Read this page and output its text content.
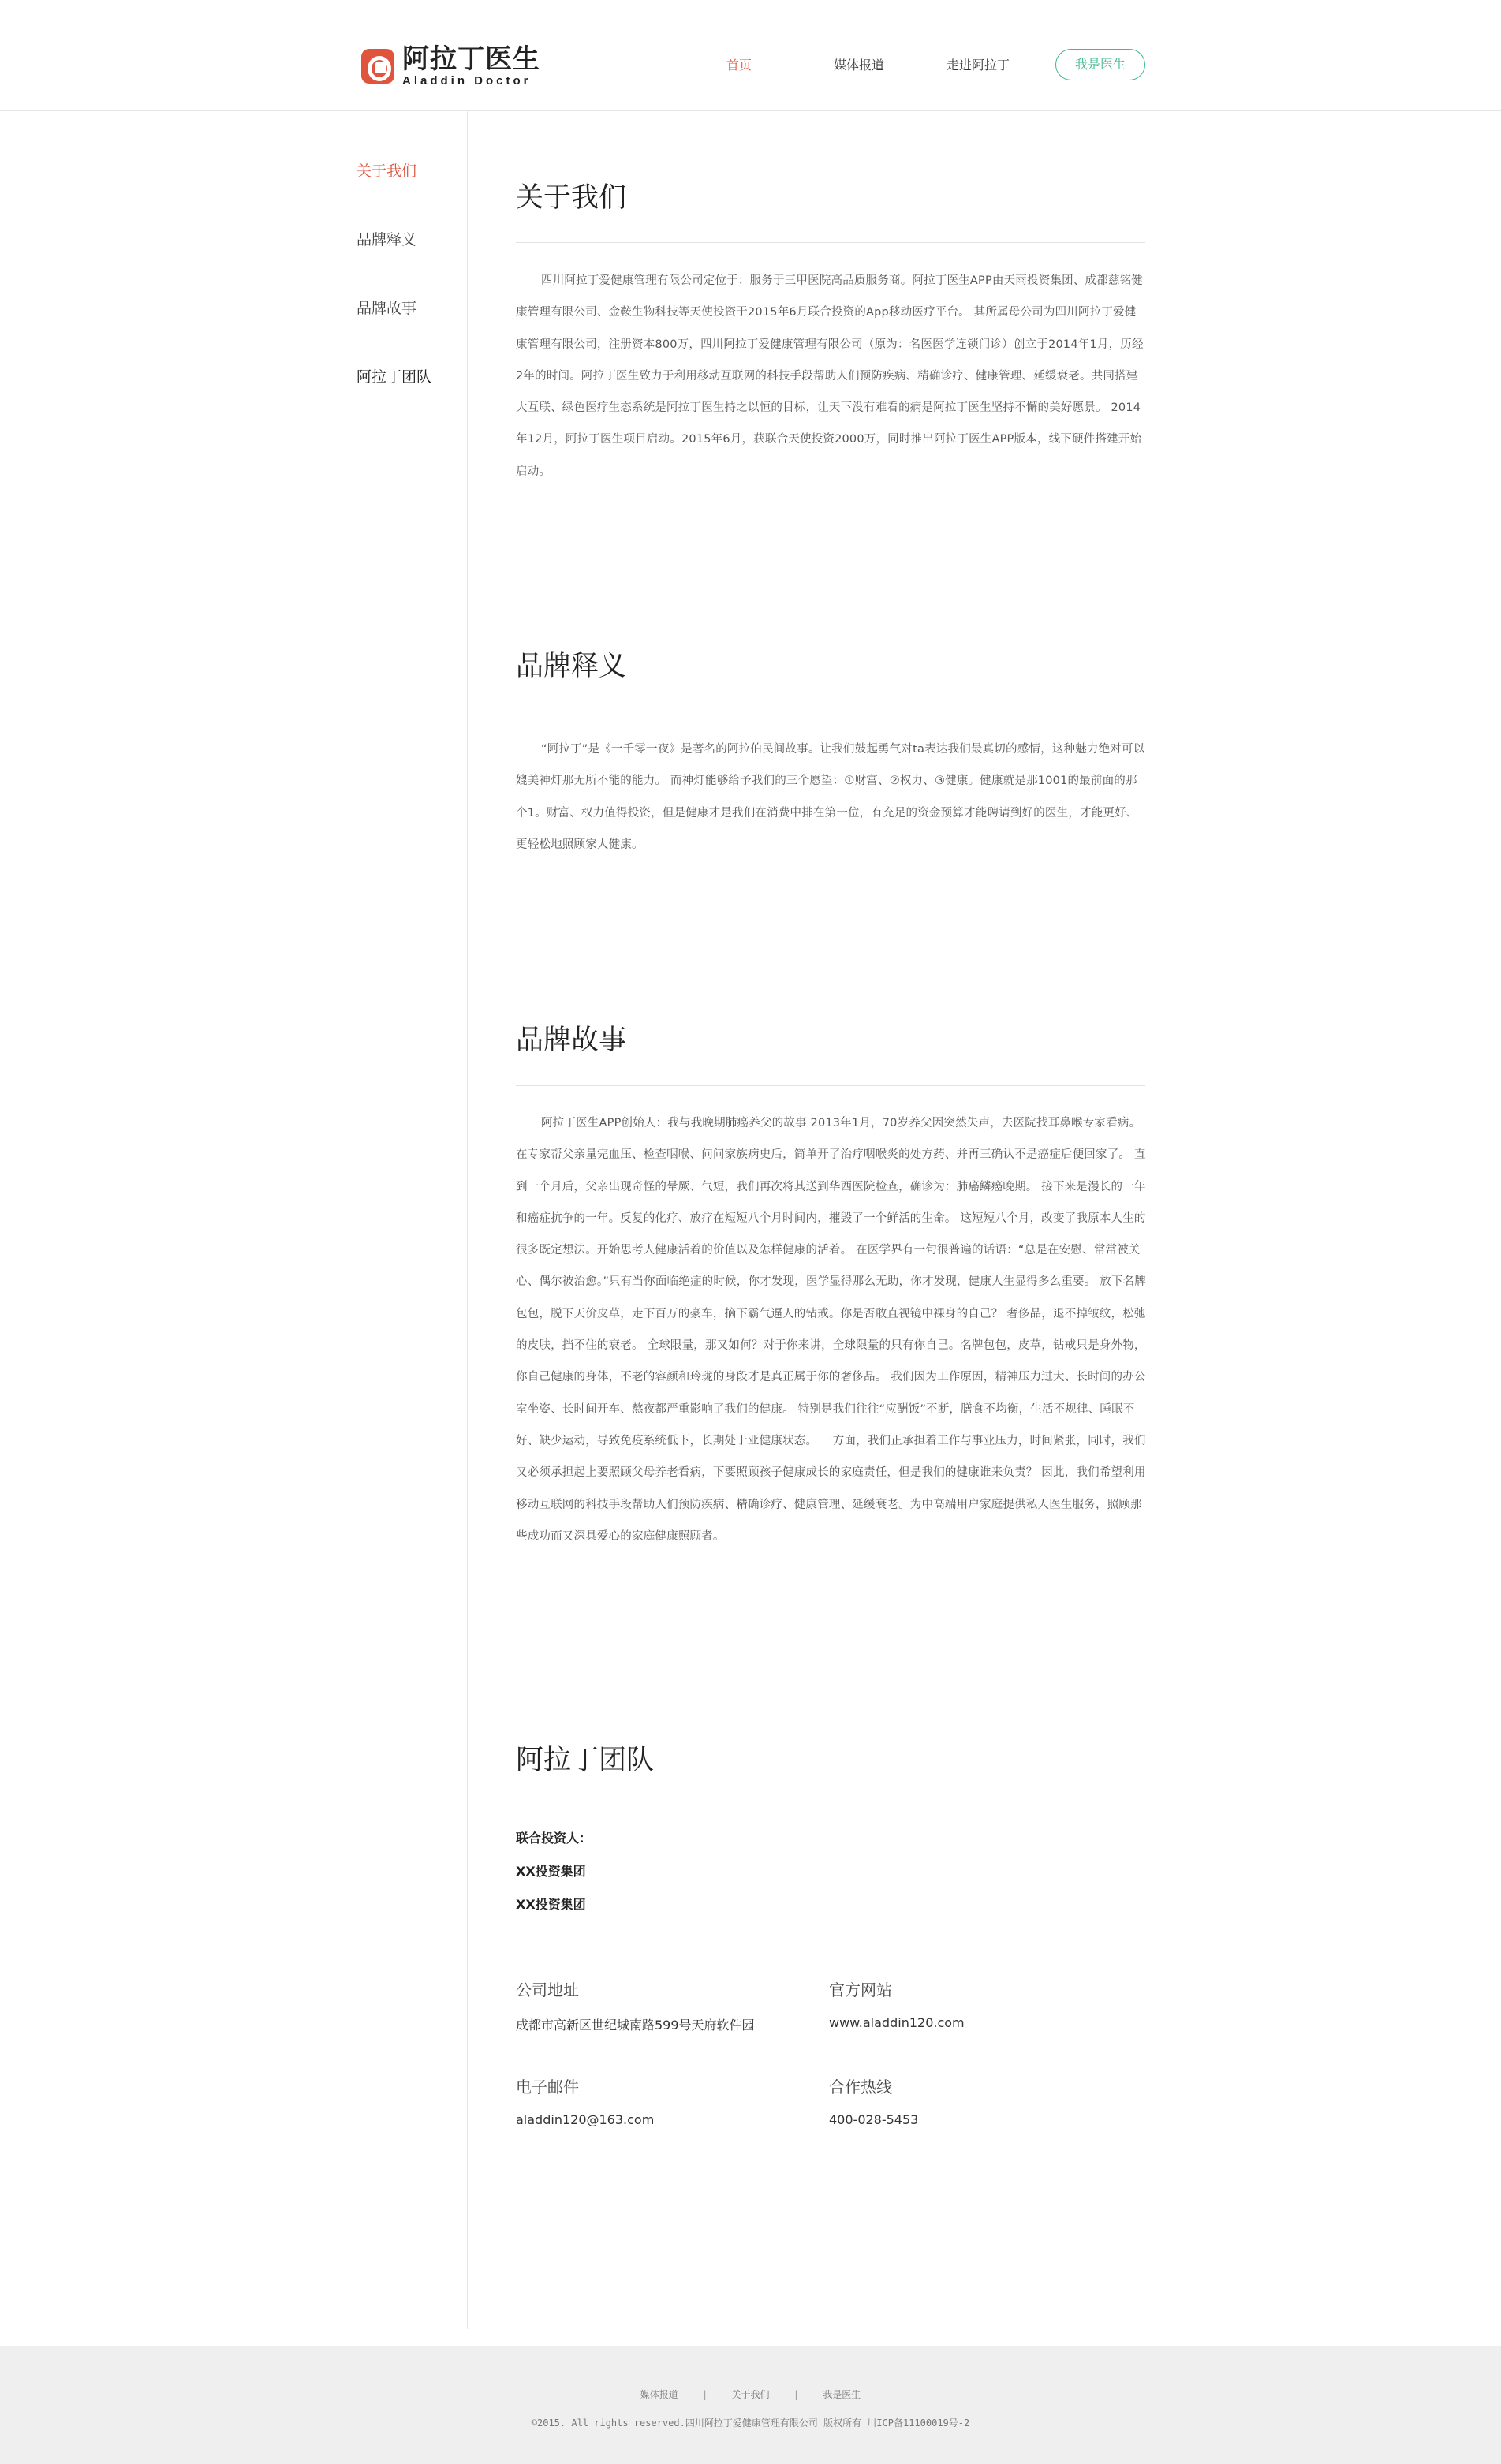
阿拉丁医生
Aladdin Doctor
首页	媒体报道	走进阿拉丁	我是医生
关于我们
品牌释义
品牌故事
阿拉丁团队
关于我们
四川阿拉丁爱健康管理有限公司定位于：服务于三甲医院高品质服务商。阿拉丁医生APP由天雨投资集团、成都慈铭健康管理有限公司、金鞍生物科技等天使投资于2015年6月联合投资的App移动医疗平台。 其所属母公司为四川阿拉丁爱健康管理有限公司，注册资本800万，四川阿拉丁爱健康管理有限公司（原为：名医医学连锁门诊）创立于2014年1月，历经2年的时间。阿拉丁医生致力于利用移动互联网的科技手段帮助人们预防疾病、精确诊疗、健康管理、延缓衰老。共同搭建大互联、绿色医疗生态系统是阿拉丁医生持之以恒的目标，让天下没有难看的病是阿拉丁医生坚持不懈的美好愿景。 2014年12月，阿拉丁医生项目启动。2015年6月，获联合天使投资2000万，同时推出阿拉丁医生APP版本，线下硬件搭建开始启动。
品牌释义
“阿拉丁”是《一千零一夜》是著名的阿拉伯民间故事。让我们鼓起勇气对ta表达我们最真切的感情，这种魅力绝对可以媲美神灯那无所不能的能力。 而神灯能够给予我们的三个愿望：①财富、②权力、③健康。健康就是那1001的最前面的那个1。财富、权力值得投资，但是健康才是我们在消费中排在第一位，有充足的资金预算才能聘请到好的医生，才能更好、更轻松地照顾家人健康。
品牌故事
阿拉丁医生APP创始人：我与我晚期肺癌养父的故事 2013年1月，70岁养父因突然失声，去医院找耳鼻喉专家看病。在专家帮父亲量完血压、检查咽喉、问问家族病史后，简单开了治疗咽喉炎的处方药、并再三确认不是癌症后便回家了。 直到一个月后，父亲出现奇怪的晕厥、气短，我们再次将其送到华西医院检查，确诊为：肺癌鳞癌晚期。 接下来是漫长的一年和癌症抗争的一年。反复的化疗、放疗在短短八个月时间内，摧毁了一个鲜活的生命。 这短短八个月，改变了我原本人生的很多既定想法。开始思考人健康活着的价值以及怎样健康的活着。 在医学界有一句很普遍的话语：“总是在安慰、常常被关心、偶尔被治愈。”只有当你面临绝症的时候，你才发现，医学显得那么无助，你才发现，健康人生显得多么重要。 放下名牌包包，脱下天价皮草，走下百万的豪车，摘下霸气逼人的钻戒。你是否敢直视镜中裸身的自己？ 奢侈品，退不掉皱纹，松弛的皮肤，挡不住的衰老。 全球限量，那又如何？对于你来讲，全球限量的只有你自己。名牌包包，皮草，钻戒只是身外物，你自己健康的身体，不老的容颜和玲珑的身段才是真正属于你的奢侈品。 我们因为工作原因，精神压力过大、长时间的办公室坐姿、长时间开车、熬夜都严重影响了我们的健康。 特别是我们往往“应酬饭”不断，膳食不均衡，生活不规律、睡眠不好、缺少运动，导致免疫系统低下，长期处于亚健康状态。 一方面，我们正承担着工作与事业压力，时间紧张，同时，我们又必须承担起上要照顾父母养老看病，下要照顾孩子健康成长的家庭责任，但是我们的健康谁来负责？ 因此，我们希望利用移动互联网的科技手段帮助人们预防疾病、精确诊疗、健康管理、延缓衰老。为中高端用户家庭提供私人医生服务，照顾那些成功而又深具爱心的家庭健康照顾者。
阿拉丁团队
联合投资人：
XX投资集团
XX投资集团
公司地址
成都市高新区世纪城南路599号天府软件园
官方网站
www.aladdin120.com
电子邮件
aladdin120@163.com
合作热线
400-028-5453
媒体报道	|	关于我们	|	我是医生
©2015. All rights reserved.四川阿拉丁爱健康管理有限公司 版权所有 川ICP备11100019号-2
